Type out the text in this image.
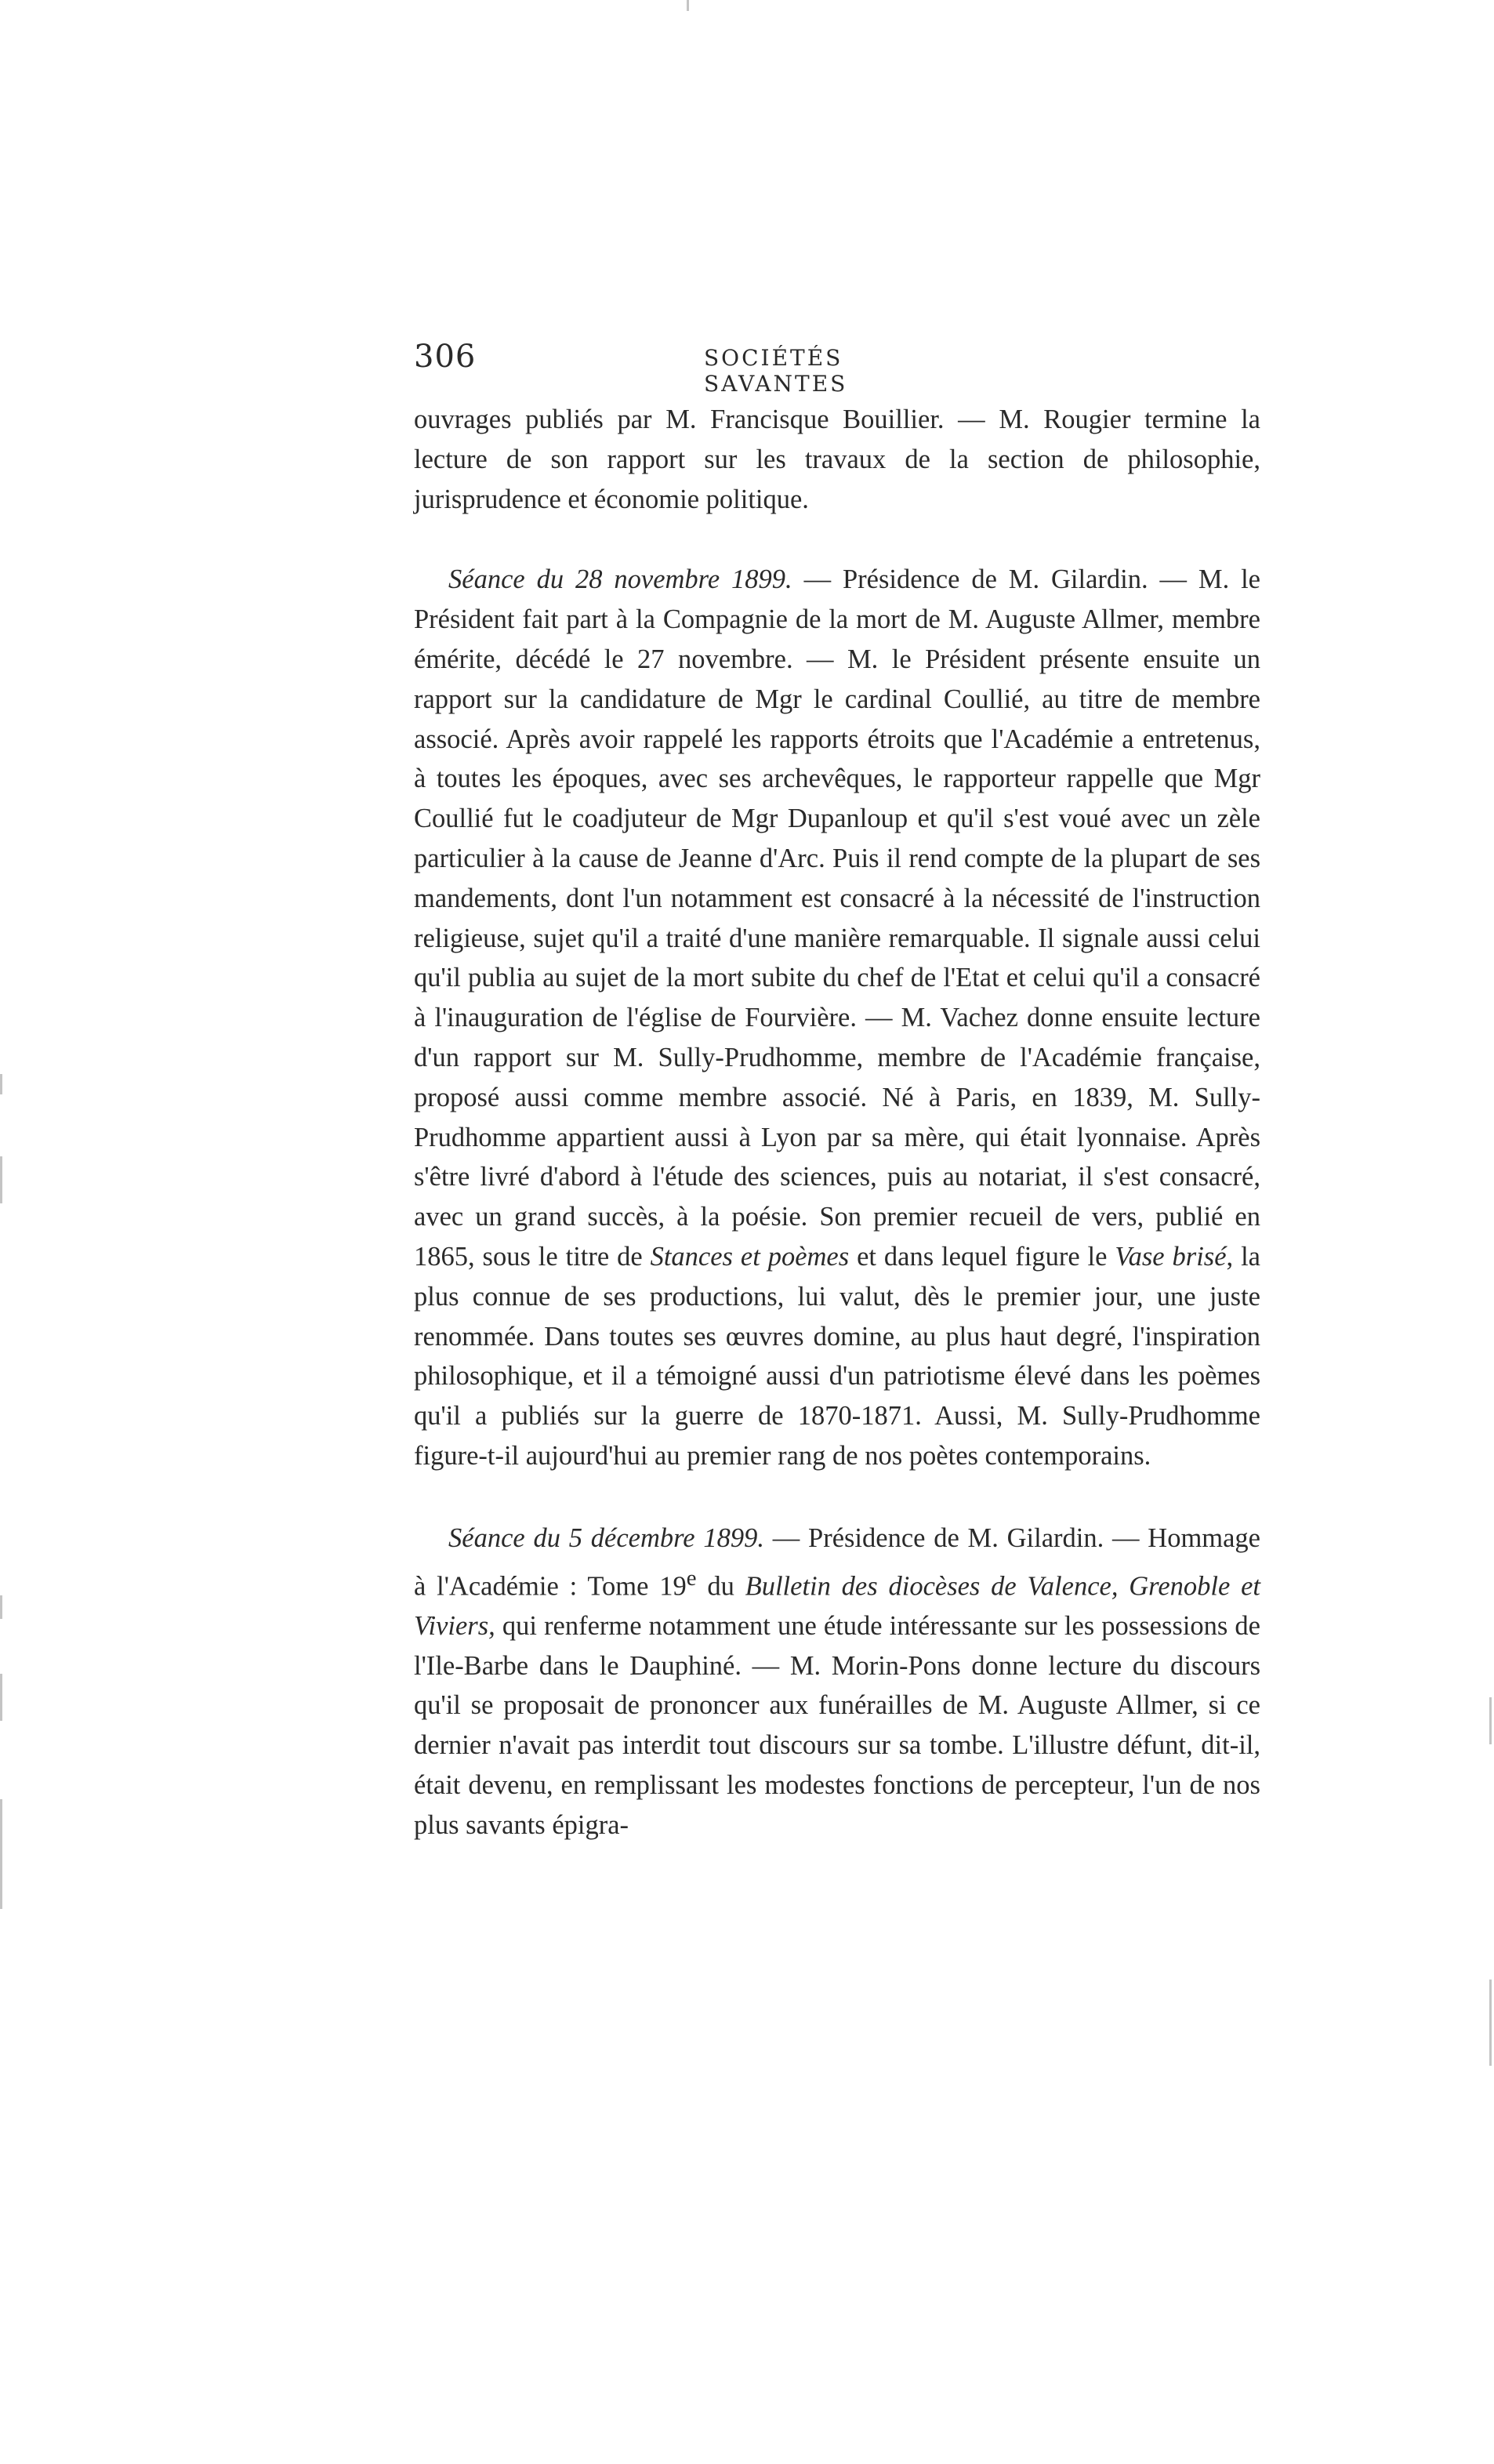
306	SOCIÉTÉS SAVANTES

ouvrages publiés par M. Francisque Bouillier. — M. Rougier termine la lecture de son rapport sur les travaux de la section de philosophie, jurisprudence et économie politique.

Séance du 28 novembre 1899. — Présidence de M. Gilardin. — M. le Président fait part à la Compagnie de la mort de M. Auguste Allmer, membre émérite, décédé le 27 novembre. — M. le Président présente ensuite un rapport sur la candidature de Mgr le cardinal Coullié, au titre de membre associé. Après avoir rappelé les rapports étroits que l'Académie a entretenus, à toutes les époques, avec ses archevêques, le rapporteur rappelle que Mgr Coullié fut le coadjuteur de Mgr Dupanloup et qu'il s'est voué avec un zèle particulier à la cause de Jeanne d'Arc. Puis il rend compte de la plupart de ses mandements, dont l'un notamment est consacré à la nécessité de l'instruction religieuse, sujet qu'il a traité d'une manière remarquable. Il signale aussi celui qu'il publia au sujet de la mort subite du chef de l'Etat et celui qu'il a consacré à l'inauguration de l'église de Fourvière. — M. Vachez donne ensuite lecture d'un rapport sur M. Sully-Prudhomme, membre de l'Académie française, proposé aussi comme membre associé. Né à Paris, en 1839, M. Sully-Prudhomme appartient aussi à Lyon par sa mère, qui était lyonnaise. Après s'être livré d'abord à l'étude des sciences, puis au notariat, il s'est consacré, avec un grand succès, à la poésie. Son premier recueil de vers, publié en 1865, sous le titre de Stances et poèmes et dans lequel figure le Vase brisé, la plus connue de ses productions, lui valut, dès le premier jour, une juste renommée. Dans toutes ses œuvres domine, au plus haut degré, l'inspiration philosophique, et il a témoigné aussi d'un patriotisme élevé dans les poèmes qu'il a publiés sur la guerre de 1870-1871. Aussi, M. Sully-Prudhomme figure-t-il aujourd'hui au premier rang de nos poètes contemporains.

Séance du 5 décembre 1899. — Présidence de M. Gilardin. — Hommage à l'Académie : Tome 19e du Bulletin des diocèses de Valence, Grenoble et Viviers, qui renferme notamment une étude intéressante sur les possessions de l'Ile-Barbe dans le Dauphiné. — M. Morin-Pons donne lecture du discours qu'il se proposait de prononcer aux funérailles de M. Auguste Allmer, si ce dernier n'avait pas interdit tout discours sur sa tombe. L'illustre défunt, dit-il, était devenu, en remplissant les modestes fonctions de percepteur, l'un de nos plus savants épigra-
